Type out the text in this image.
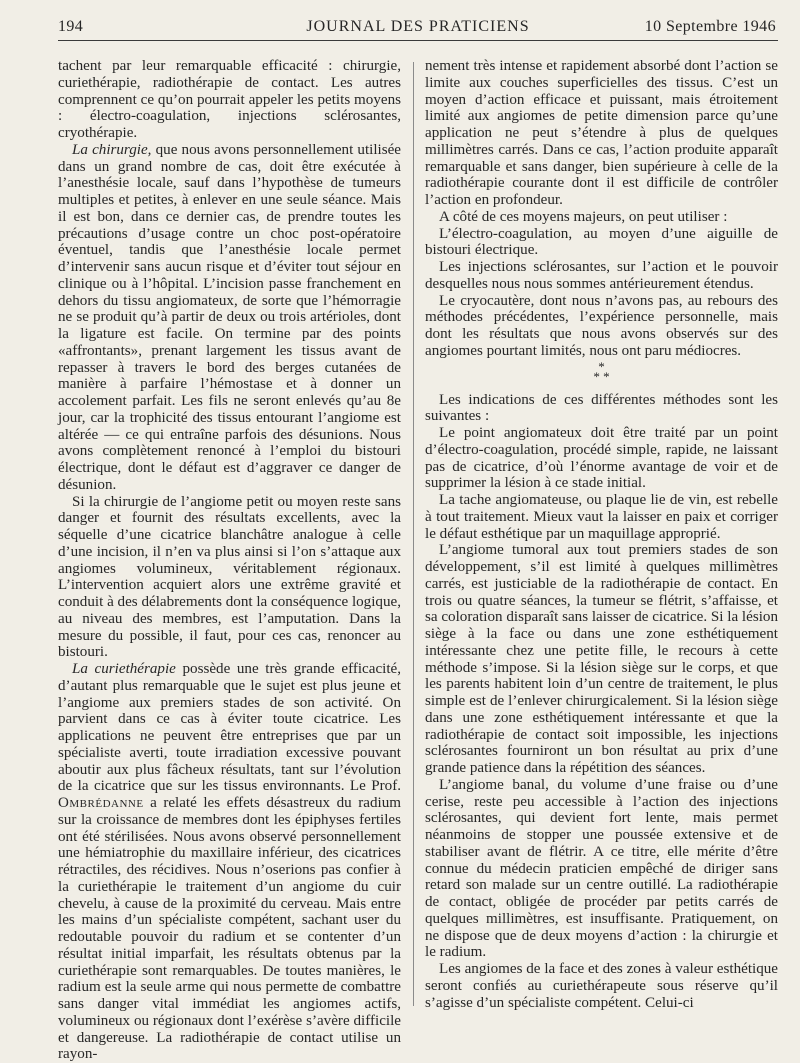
194	JOURNAL DES PRATICIENS	10 Septembre 1946

tachent par leur remarquable efficacité : chirurgie, curiethérapie, radiothérapie de contact. Les autres comprennent ce qu’on pourrait appeler les petits moyens : électro-coagulation, injections sclérosantes, cryothérapie.

La chirurgie, que nous avons personnellement utilisée dans un grand nombre de cas, doit être exécutée à l’anesthésie locale, sauf dans l’hypothèse de tumeurs multiples et petites, à enlever en une seule séance. Mais il est bon, dans ce dernier cas, de prendre toutes les précautions d’usage contre un choc post-opératoire éventuel, tandis que l’anesthésie locale permet d’intervenir sans aucun risque et d’éviter tout séjour en clinique ou à l’hôpital. L’incision passe franchement en dehors du tissu angiomateux, de sorte que l’hémorragie ne se produit qu’à partir de deux ou trois artérioles, dont la ligature est facile. On termine par des points «affrontants», prenant largement les tissus avant de repasser à travers le bord des berges cutanées de manière à parfaire l’hémostase et à donner un accolement parfait. Les fils ne seront enlevés qu’au 8e jour, car la trophicité des tissus entourant l’angiome est altérée — ce qui entraîne parfois des désunions. Nous avons complètement renoncé à l’emploi du bistouri électrique, dont le défaut est d’aggraver ce danger de désunion.

Si la chirurgie de l’angiome petit ou moyen reste sans danger et fournit des résultats excellents, avec la séquelle d’une cicatrice blanchâtre analogue à celle d’une incision, il n’en va plus ainsi si l’on s’attaque aux angiomes volumineux, véritablement régionaux. L’intervention acquiert alors une extrême gravité et conduit à des délabrements dont la conséquence logique, au niveau des membres, est l’amputation. Dans la mesure du possible, il faut, pour ces cas, renoncer au bistouri.

La curiethérapie possède une très grande efficacité, d’autant plus remarquable que le sujet est plus jeune et l’angiome aux premiers stades de son activité. On parvient dans ce cas à éviter toute cicatrice. Les applications ne peuvent être entreprises que par un spécialiste averti, toute irradiation excessive pouvant aboutir aux plus fâcheux résultats, tant sur l’évolution de la cicatrice que sur les tissus environnants. Le Prof. Ombrédanne a relaté les effets désastreux du radium sur la croissance de membres dont les épiphyses fertiles ont été stérilisées. Nous avons observé personnellement une hémiatrophie du maxillaire inférieur, des cicatrices rétractiles, des récidives. Nous n’oserions pas confier à la curiethérapie le traitement d’un angiome du cuir chevelu, à cause de la proximité du cerveau. Mais entre les mains d’un spécialiste compétent, sachant user du redoutable pouvoir du radium et se contenter d’un résultat initial imparfait, les résultats obtenus par la curiethérapie sont remarquables. De toutes manières, le radium est la seule arme qui nous permette de combattre sans danger vital immédiat les angiomes actifs, volumineux ou régionaux dont l’exérèse s’avère difficile et dangereuse. La radiothérapie de contact utilise un rayon-

nement très intense et rapidement absorbé dont l’action se limite aux couches superficielles des tissus. C’est un moyen d’action efficace et puissant, mais étroitement limité aux angiomes de petite dimension parce qu’une application ne peut s’étendre à plus de quelques millimètres carrés. Dans ce cas, l’action produite apparaît remarquable et sans danger, bien supérieure à celle de la radiothérapie courante dont il est difficile de contrôler l’action en profondeur.

A côté de ces moyens majeurs, on peut utiliser :

L’électro-coagulation, au moyen d’une aiguille de bistouri électrique.

Les injections sclérosantes, sur l’action et le pouvoir desquelles nous nous sommes antérieurement étendus.

Le cryocautère, dont nous n’avons pas, au rebours des méthodes précédentes, l’expérience personnelle, mais dont les résultats que nous avons observés sur des angiomes pourtant limités, nous ont paru médiocres.

*
* *

Les indications de ces différentes méthodes sont les suivantes :

Le point angiomateux doit être traité par un point d’électro-coagulation, procédé simple, rapide, ne laissant pas de cicatrice, d’où l’énorme avantage de voir et de supprimer la lésion à ce stade initial.

La tache angiomateuse, ou plaque lie de vin, est rebelle à tout traitement. Mieux vaut la laisser en paix et corriger le défaut esthétique par un maquillage approprié.

L’angiome tumoral aux tout premiers stades de son développement, s’il est limité à quelques millimètres carrés, est justiciable de la radiothérapie de contact. En trois ou quatre séances, la tumeur se flétrit, s’affaisse, et sa coloration disparaît sans laisser de cicatrice. Si la lésion siège à la face ou dans une zone esthétiquement intéressante chez une petite fille, le recours à cette méthode s’impose. Si la lésion siège sur le corps, et que les parents habitent loin d’un centre de traitement, le plus simple est de l’enlever chirurgicalement. Si la lésion siège dans une zone esthétiquement intéressante et que la radiothérapie de contact soit impossible, les injections sclérosantes fourniront un bon résultat au prix d’une grande patience dans la répétition des séances.

L’angiome banal, du volume d’une fraise ou d’une cerise, reste peu accessible à l’action des injections sclérosantes, qui devient fort lente, mais permet néanmoins de stopper une poussée extensive et de stabiliser avant de flétrir. A ce titre, elle mérite d’être connue du médecin praticien empêché de diriger sans retard son malade sur un centre outillé. La radiothérapie de contact, obligée de procéder par petits carrés de quelques millimètres, est insuffisante. Pratiquement, on ne dispose que de deux moyens d’action : la chirurgie et le radium.

Les angiomes de la face et des zones à valeur esthétique seront confiés au curiethérapeute sous réserve qu’il s’agisse d’un spécialiste compétent. Celui-ci
